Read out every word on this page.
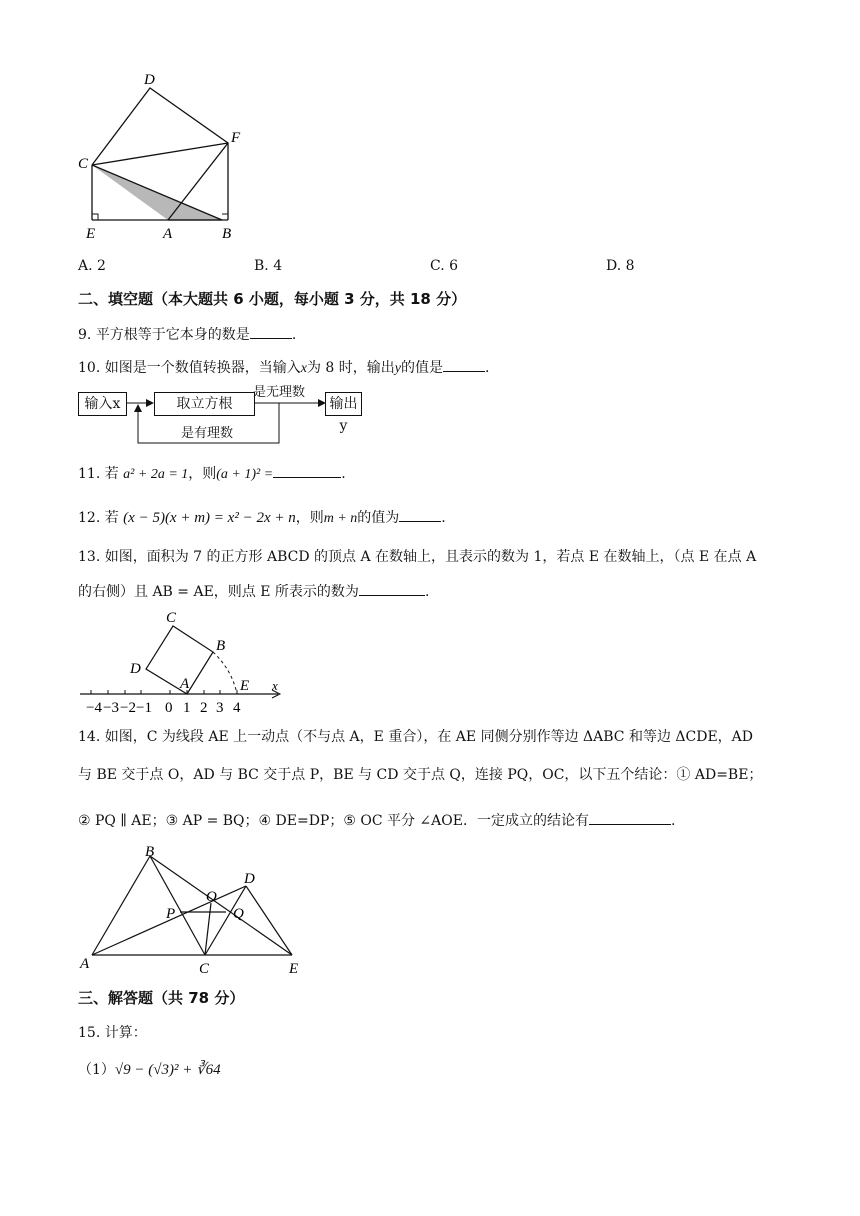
D
F
C
E	A	B
A. 2	B. 4	C. 6	D. 8
二、填空题（本大题共 6 小题，每小题 3 分，共 18 分）
9. 平方根等于它本身的数是	.
10. 如图是一个数值转换器，当输入x为 8 时，输出y的值是	.
输入x	取立方根
是无理数
输出y
是有理数
11. 若 a² + 2a = 1，则(a + 1)² =	.
12. 若 (x − 5)(x + m) = x² − 2x + n，则m + n的值为	.
13. 如图，面积为 7 的正方形 ABCD 的顶点 A 在数轴上，且表示的数为 1，若点 E 在数轴上，（点 E 在点 A
的右侧）且 AB = AE，则点 E 所表示的数为	.
C
B
D
A	E x
−4 −3 −2 −1 0 1 2 3 4
14. 如图，C 为线段 AE 上一动点（不与点 A，E 重合），在 AE 同侧分别作等边 ΔABC 和等边 ΔCDE，AD
与 BE 交于点 O，AD 与 BC 交于点 P，BE 与 CD 交于点 Q，连接 PQ，OC，以下五个结论：① AD=BE；
② PQ ∥ AE；③ AP = BQ；④ DE=DP；⑤ OC 平分 ∠AOE．一定成立的结论有	.
B
D
O
P	Q
A	C	E
三、解答题（共 78 分）
15. 计算：
（1）√9 − (√3)² + ∛64
